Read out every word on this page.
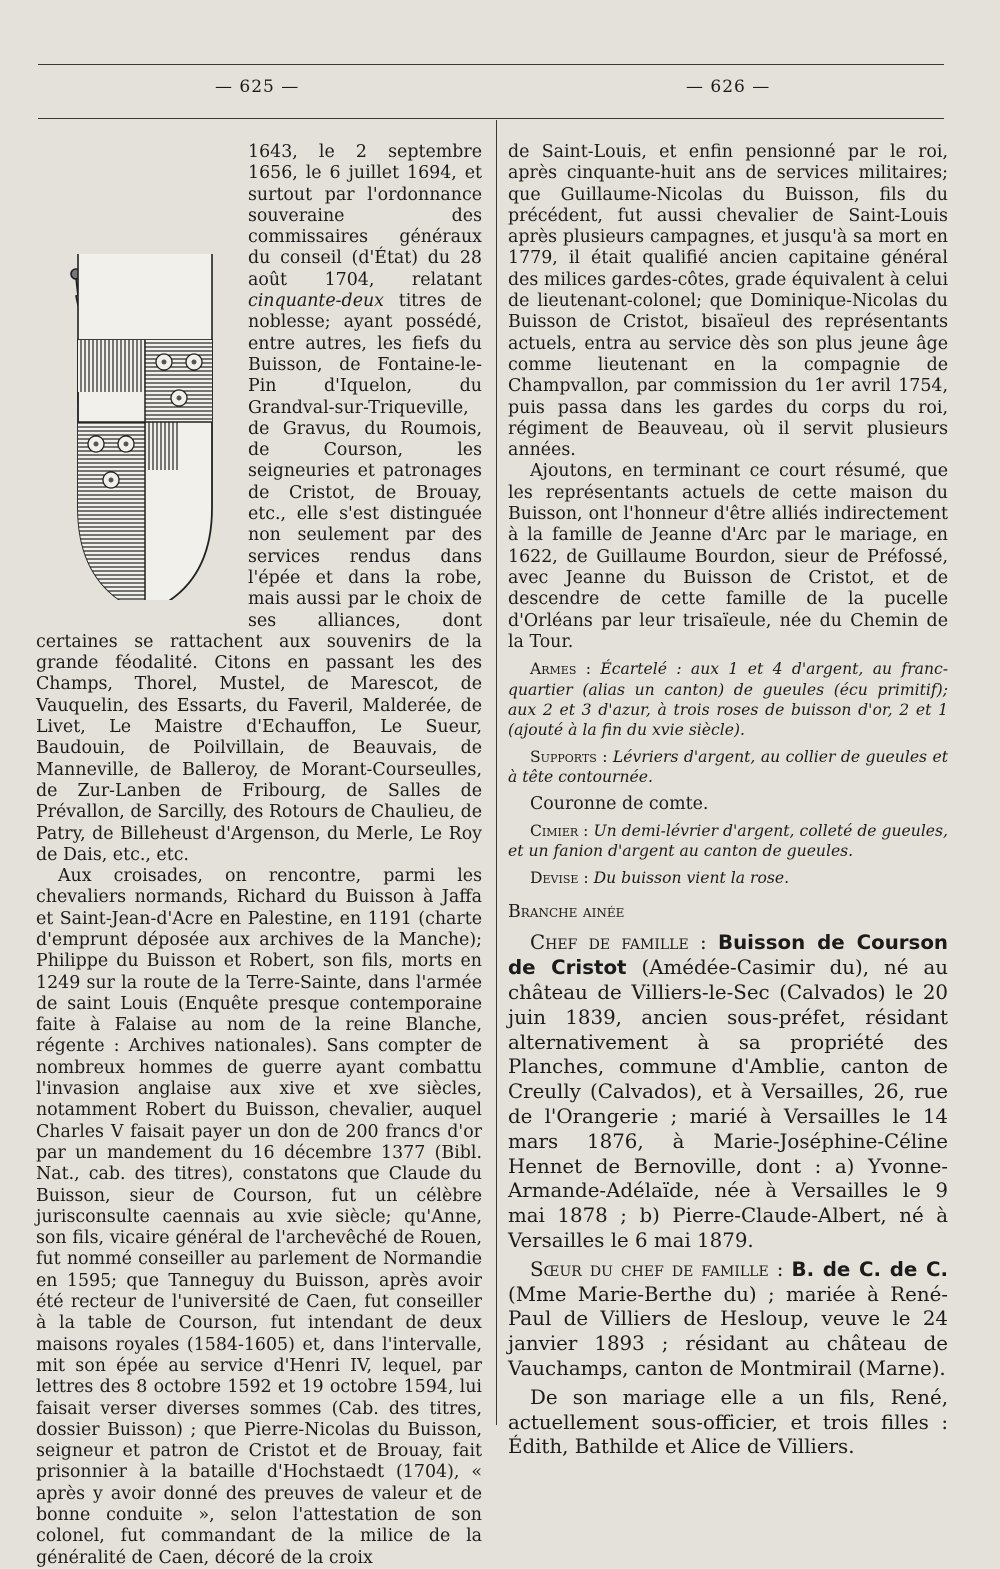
— 625 —	— 626 —

1643, le 2 septembre 1656, le 6 juillet 1694, et surtout par l'ordonnance souveraine des commissaires généraux du conseil (d'État) du 28 août 1704, relatant cinquante-deux titres de noblesse; ayant possédé, entre autres, les fiefs du Buisson, de Fontaine-le-Pin d'Iquelon, du Grandval-sur-Triqueville, de Gravus, du Roumois, de Courson, les seigneuries et patronages de Cristot, de Brouay, etc., elle s'est distinguée non seulement par des services rendus dans l'épée et dans la robe, mais aussi par le choix de ses alliances, dont certaines se rattachent aux souvenirs de la grande féodalité. Citons en passant les des Champs, Thorel, Mustel, de Marescot, de Vauquelin, des Essarts, du Faveril, Malderée, de Livet, Le Maistre d'Echauffon, Le Sueur, Baudouin, de Poilvillain, de Beauvais, de Manneville, de Balleroy, de Morant-Courseulles, de Zur-Lanben de Fribourg, de Salles de Prévallon, de Sarcilly, des Rotours de Chaulieu, de Patry, de Billeheust d'Argenson, du Merle, Le Roy de Dais, etc., etc.

Aux croisades, on rencontre, parmi les chevaliers normands, Richard du Buisson à Jaffa et Saint-Jean-d'Acre en Palestine, en 1191 (charte d'emprunt déposée aux archives de la Manche); Philippe du Buisson et Robert, son fils, morts en 1249 sur la route de la Terre-Sainte, dans l'armée de saint Louis (Enquête presque contemporaine faite à Falaise au nom de la reine Blanche, régente : Archives nationales). Sans compter de nombreux hommes de guerre ayant combattu l'invasion anglaise aux xive et xve siècles, notamment Robert du Buisson, chevalier, auquel Charles V faisait payer un don de 200 francs d'or par un mandement du 16 décembre 1377 (Bibl. Nat., cab. des titres), constatons que Claude du Buisson, sieur de Courson, fut un célèbre jurisconsulte caennais au xvie siècle; qu'Anne, son fils, vicaire général de l'archevêché de Rouen, fut nommé conseiller au parlement de Normandie en 1595; que Tanneguy du Buisson, après avoir été recteur de l'université de Caen, fut conseiller à la table de Courson, fut intendant de deux maisons royales (1584-1605) et, dans l'intervalle, mit son épée au service d'Henri IV, lequel, par lettres des 8 octobre 1592 et 19 octobre 1594, lui faisait verser diverses sommes (Cab. des titres, dossier Buisson) ; que Pierre-Nicolas du Buisson, seigneur et patron de Cristot et de Brouay, fait prisonnier à la bataille d'Hochstaedt (1704), « après y avoir donné des preuves de valeur et de bonne conduite », selon l'attestation de son colonel, fut commandant de la milice de la généralité de Caen, décoré de la croix

de Saint-Louis, et enfin pensionné par le roi, après cinquante-huit ans de services militaires; que Guillaume-Nicolas du Buisson, fils du précédent, fut aussi chevalier de Saint-Louis après plusieurs campagnes, et jusqu'à sa mort en 1779, il était qualifié ancien capitaine général des milices gardes-côtes, grade équivalent à celui de lieutenant-colonel; que Dominique-Nicolas du Buisson de Cristot, bisaïeul des représentants actuels, entra au service dès son plus jeune âge comme lieutenant en la compagnie de Champvallon, par commission du 1er avril 1754, puis passa dans les gardes du corps du roi, régiment de Beauveau, où il servit plusieurs années.

Ajoutons, en terminant ce court résumé, que les représentants actuels de cette maison du Buisson, ont l'honneur d'être alliés indirectement à la famille de Jeanne d'Arc par le mariage, en 1622, de Guillaume Bourdon, sieur de Préfossé, avec Jeanne du Buisson de Cristot, et de descendre de cette famille de la pucelle d'Orléans par leur trisaïeule, née du Chemin de la Tour.

Armes : Écartelé : aux 1 et 4 d'argent, au franc-quartier (alias un canton) de gueules (écu primitif); aux 2 et 3 d'azur, à trois roses de buisson d'or, 2 et 1 (ajouté à la fin du xvie siècle).

Supports : Lévriers d'argent, au collier de gueules et à tête contournée.

Couronne de comte.

Cimier : Un demi-lévrier d'argent, colleté de gueules, et un fanion d'argent au canton de gueules.

Devise : Du buisson vient la rose.

Branche ainée

Chef de famille : Buisson de Courson de Cristot (Amédée-Casimir du), né au château de Villiers-le-Sec (Calvados) le 20 juin 1839, ancien sous-préfet, résidant alternativement à sa propriété des Planches, commune d'Amblie, canton de Creully (Calvados), et à Versailles, 26, rue de l'Orangerie ; marié à Versailles le 14 mars 1876, à Marie-Joséphine-Céline Hennet de Bernoville, dont : a) Yvonne-Armande-Adélaïde, née à Versailles le 9 mai 1878 ; b) Pierre-Claude-Albert, né à Versailles le 6 mai 1879.

Sœur du chef de famille : B. de C. de C. (Mme Marie-Berthe du) ; mariée à René-Paul de Villiers de Hesloup, veuve le 24 janvier 1893 ; résidant au château de Vauchamps, canton de Montmirail (Marne).

De son mariage elle a un fils, René, actuellement sous-officier, et trois filles : Édith, Bathilde et Alice de Villiers.
